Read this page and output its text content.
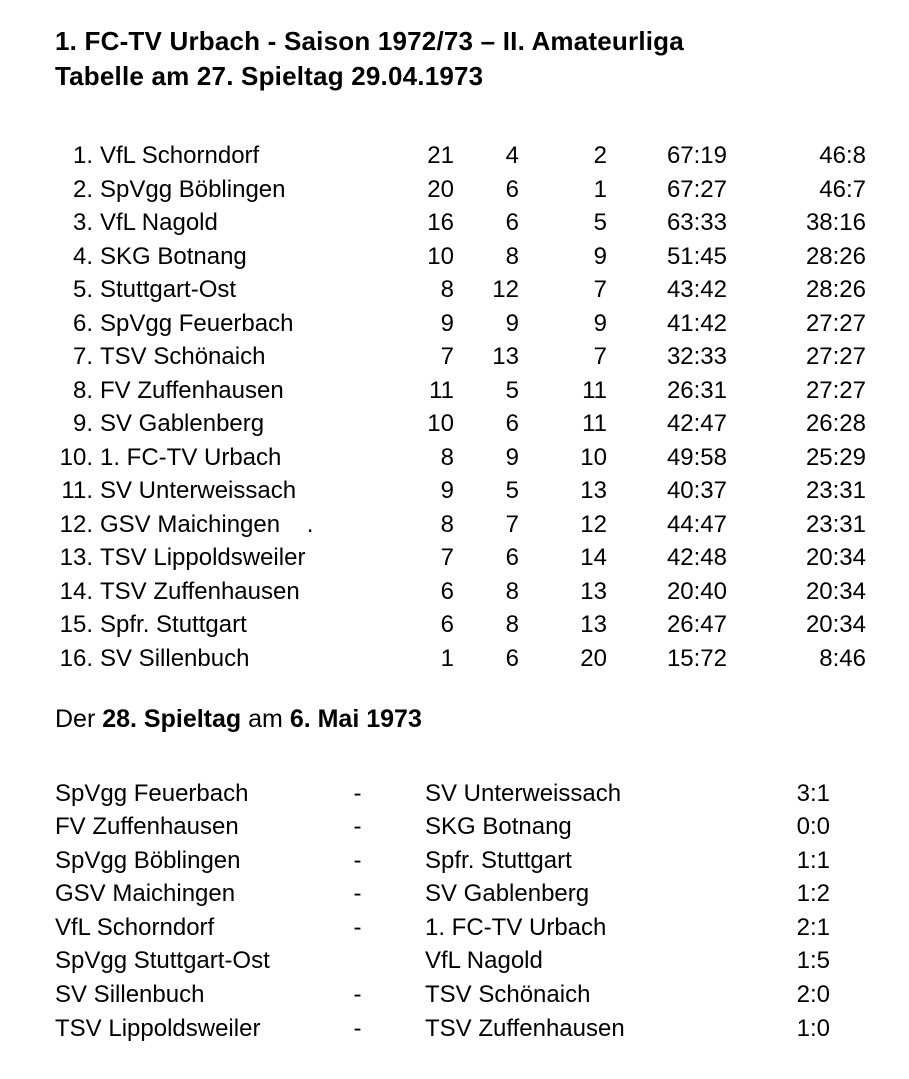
1. FC-TV Urbach - Saison 1972/73 – II. Amateurliga
Tabelle am 27. Spieltag 29.04.1973
1. VfL Schorndorf	21	4	2	67:19	46:8
2. SpVgg Böblingen	20	6	1	67:27	46:7
3. VfL Nagold	16	6	5	63:33	38:16
4. SKG Botnang	10	8	9	51:45	28:26
5. Stuttgart-Ost	8	12	7	43:42	28:26
6. SpVgg Feuerbach	9	9	9	41:42	27:27
7. TSV Schönaich	7	13	7	32:33	27:27
8. FV Zuffenhausen	11	5	11	26:31	27:27
9. SV Gablenberg	10	6	11	42:47	26:28
10. 1. FC-TV Urbach	8	9	10	49:58	25:29
11. SV Unterweissach	9	5	13	40:37	23:31
12. GSV Maichingen    .	8	7	12	44:47	23:31
13. TSV Lippoldsweiler	7	6	14	42:48	20:34
14. TSV Zuffenhausen	6	8	13	20:40	20:34
15. Spfr. Stuttgart	6	8	13	26:47	20:34
16. SV Sillenbuch	1	6	20	15:72	8:46
Der 28. Spieltag am 6. Mai 1973
SpVgg Feuerbach	-	SV Unterweissach	3:1
FV Zuffenhausen	-	SKG Botnang	0:0
SpVgg Böblingen	-	Spfr. Stuttgart	1:1
GSV Maichingen	-	SV Gablenberg	1:2
VfL Schorndorf	-	1. FC-TV Urbach	2:1
SpVgg Stuttgart-Ost	VfL Nagold	1:5
SV Sillenbuch	-	TSV Schönaich	2:0
TSV Lippoldsweiler	-	TSV Zuffenhausen	1:0
